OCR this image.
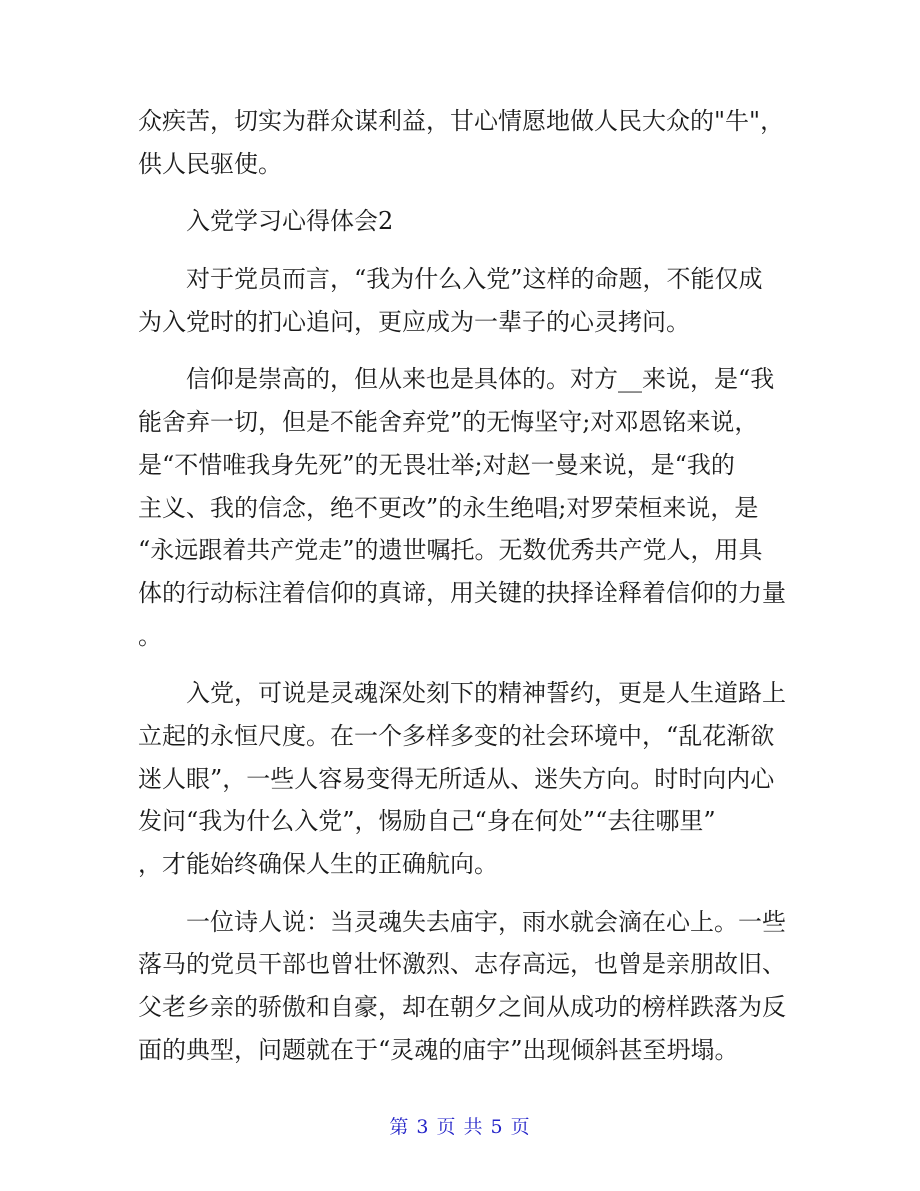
众疾苦，切实为群众谋利益，甘心情愿地做人民大众的"牛"，
供人民驱使。
入党学习心得体会2
对于党员而言，“我为什么入党”这样的命题，不能仅成
为入党时的扪心追问，更应成为一辈子的心灵拷问。
信仰是崇高的，但从来也是具体的。对方__来说，是“我
能舍弃一切，但是不能舍弃党”的无悔坚守;对邓恩铭来说，
是“不惜唯我身先死”的无畏壮举;对赵一曼来说，是“我的
主义、我的信念，绝不更改”的永生绝唱;对罗荣桓来说，是
“永远跟着共产党走”的遗世嘱托。无数优秀共产党人，用具
体的行动标注着信仰的真谛，用关键的抉择诠释着信仰的力量
。
入党，可说是灵魂深处刻下的精神誓约，更是人生道路上
立起的永恒尺度。在一个多样多变的社会环境中，“乱花渐欲
迷人眼”，一些人容易变得无所适从、迷失方向。时时向内心
发问“我为什么入党”，惕励自己“身在何处”“去往哪里”
，才能始终确保人生的正确航向。
一位诗人说：当灵魂失去庙宇，雨水就会滴在心上。一些
落马的党员干部也曾壮怀激烈、志存高远，也曾是亲朋故旧、
父老乡亲的骄傲和自豪，却在朝夕之间从成功的榜样跌落为反
面的典型，问题就在于“灵魂的庙宇”出现倾斜甚至坍塌。
第 3 页 共 5 页
